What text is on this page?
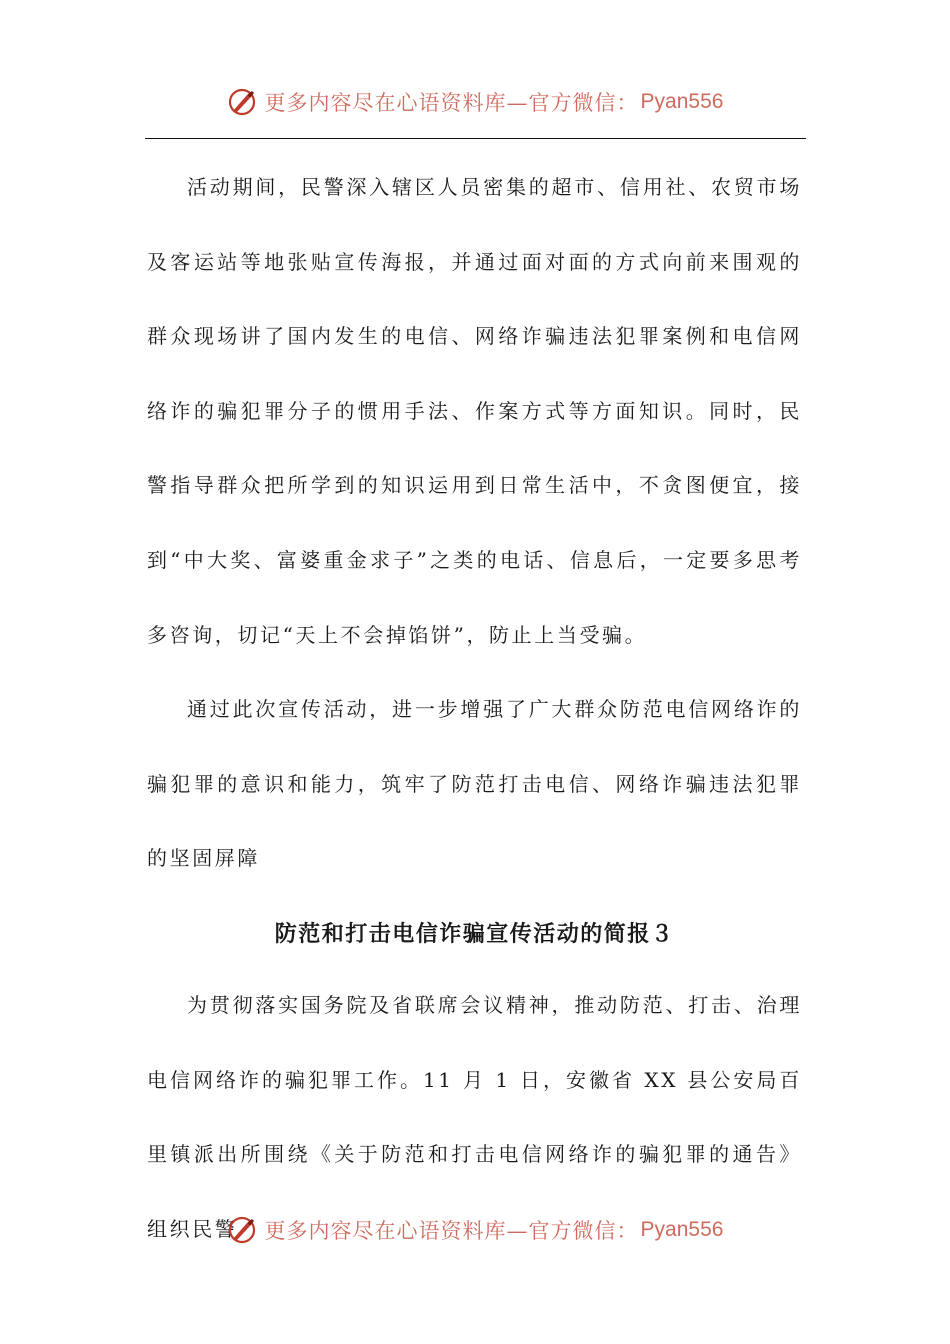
更多内容尽在心语资料库—官方微信： Pyan556

活动期间，民警深入辖区人员密集的超市、信用社、农贸市场及客运站等地张贴宣传海报，并通过面对面的方式向前来围观的群众现场讲了国内发生的电信、网络诈骗违法犯罪案例和电信网络诈的骗犯罪分子的惯用手法、作案方式等方面知识。同时，民警指导群众把所学到的知识运用到日常生活中，不贪图便宜，接到“中大奖、富婆重金求子”之类的电话、信息后，一定要多思考多咨询，切记“天上不会掉馅饼”，防止上当受骗。

通过此次宣传活动，进一步增强了广大群众防范电信网络诈的骗犯罪的意识和能力，筑牢了防范打击电信、网络诈骗违法犯罪的坚固屏障

防范和打击电信诈骗宣传活动的简报３

为贯彻落实国务院及省联席会议精神，推动防范、打击、治理电信网络诈的骗犯罪工作。11 月 1 日，安徽省 XX 县公安局百里镇派出所围绕《关于防范和打击电信网络诈的骗犯罪的通告》组织民警	更多内容尽在心语资料库—官方微信： Pyan556
